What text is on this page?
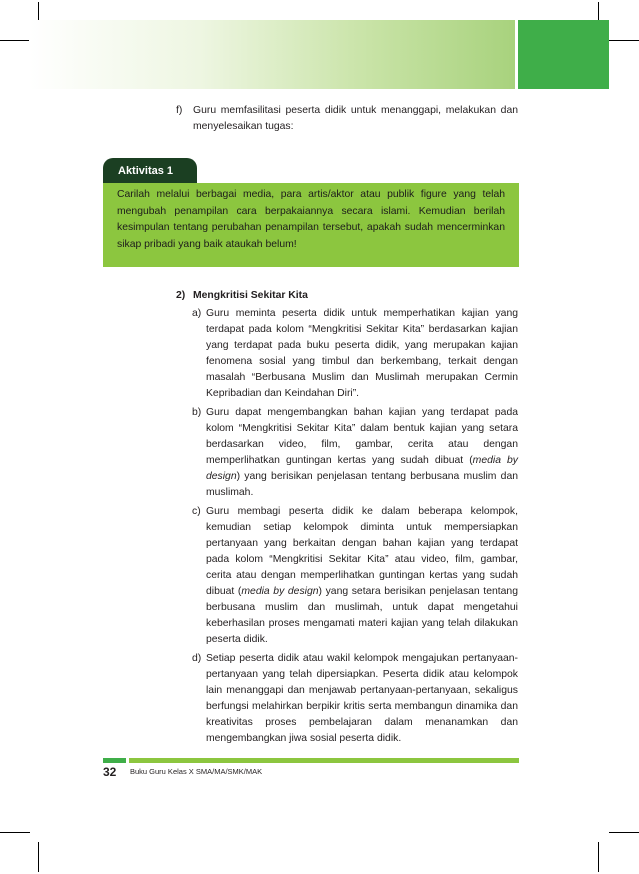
f) Guru memfasilitasi peserta didik untuk menanggapi, melakukan dan menyelesaikan tugas:
Aktivitas 1
Carilah melalui berbagai media, para artis/aktor atau publik figure yang telah mengubah penampilan cara berpakaiannya secara islami. Kemudian berilah kesimpulan tentang perubahan penampilan tersebut, apakah sudah mencerminkan sikap pribadi yang baik ataukah belum!
2) Mengkritisi Sekitar Kita
a) Guru meminta peserta didik untuk memperhatikan kajian yang terdapat pada kolom “Mengkritisi Sekitar Kita” berdasarkan kajian yang terdapat pada buku peserta didik, yang merupakan kajian fenomena sosial yang timbul dan berkembang, terkait dengan masalah “Berbusana Muslim dan Muslimah merupakan Cermin Kepribadian dan Keindahan Diri”.
b) Guru dapat mengembangkan bahan kajian yang terdapat pada kolom “Mengkritisi Sekitar Kita” dalam bentuk kajian yang setara berdasarkan video, film, gambar, cerita atau dengan memperlihatkan guntingan kertas yang sudah dibuat (media by design) yang berisikan penjelasan tentang berbusana muslim dan muslimah.
c) Guru membagi peserta didik ke dalam beberapa kelompok, kemudian setiap kelompok diminta untuk mempersiapkan pertanyaan yang berkaitan dengan bahan kajian yang terdapat pada kolom “Mengkritisi Sekitar Kita” atau video, film, gambar, cerita atau dengan memperlihatkan guntingan kertas yang sudah dibuat (media by design) yang setara berisikan penjelasan tentang berbusana muslim dan muslimah, untuk dapat mengetahui keberhasilan proses mengamati materi kajian yang telah dilakukan peserta didik.
d) Setiap peserta didik atau wakil kelompok mengajukan pertanyaan-pertanyaan yang telah dipersiapkan. Peserta didik atau kelompok lain menanggapi dan menjawab pertanyaan-pertanyaan, sekaligus berfungsi melahirkan berpikir kritis serta membangun dinamika dan kreativitas proses pembelajaran dalam menanamkan dan mengembangkan jiwa sosial peserta didik.
32 Buku Guru Kelas X SMA/MA/SMK/MAK
